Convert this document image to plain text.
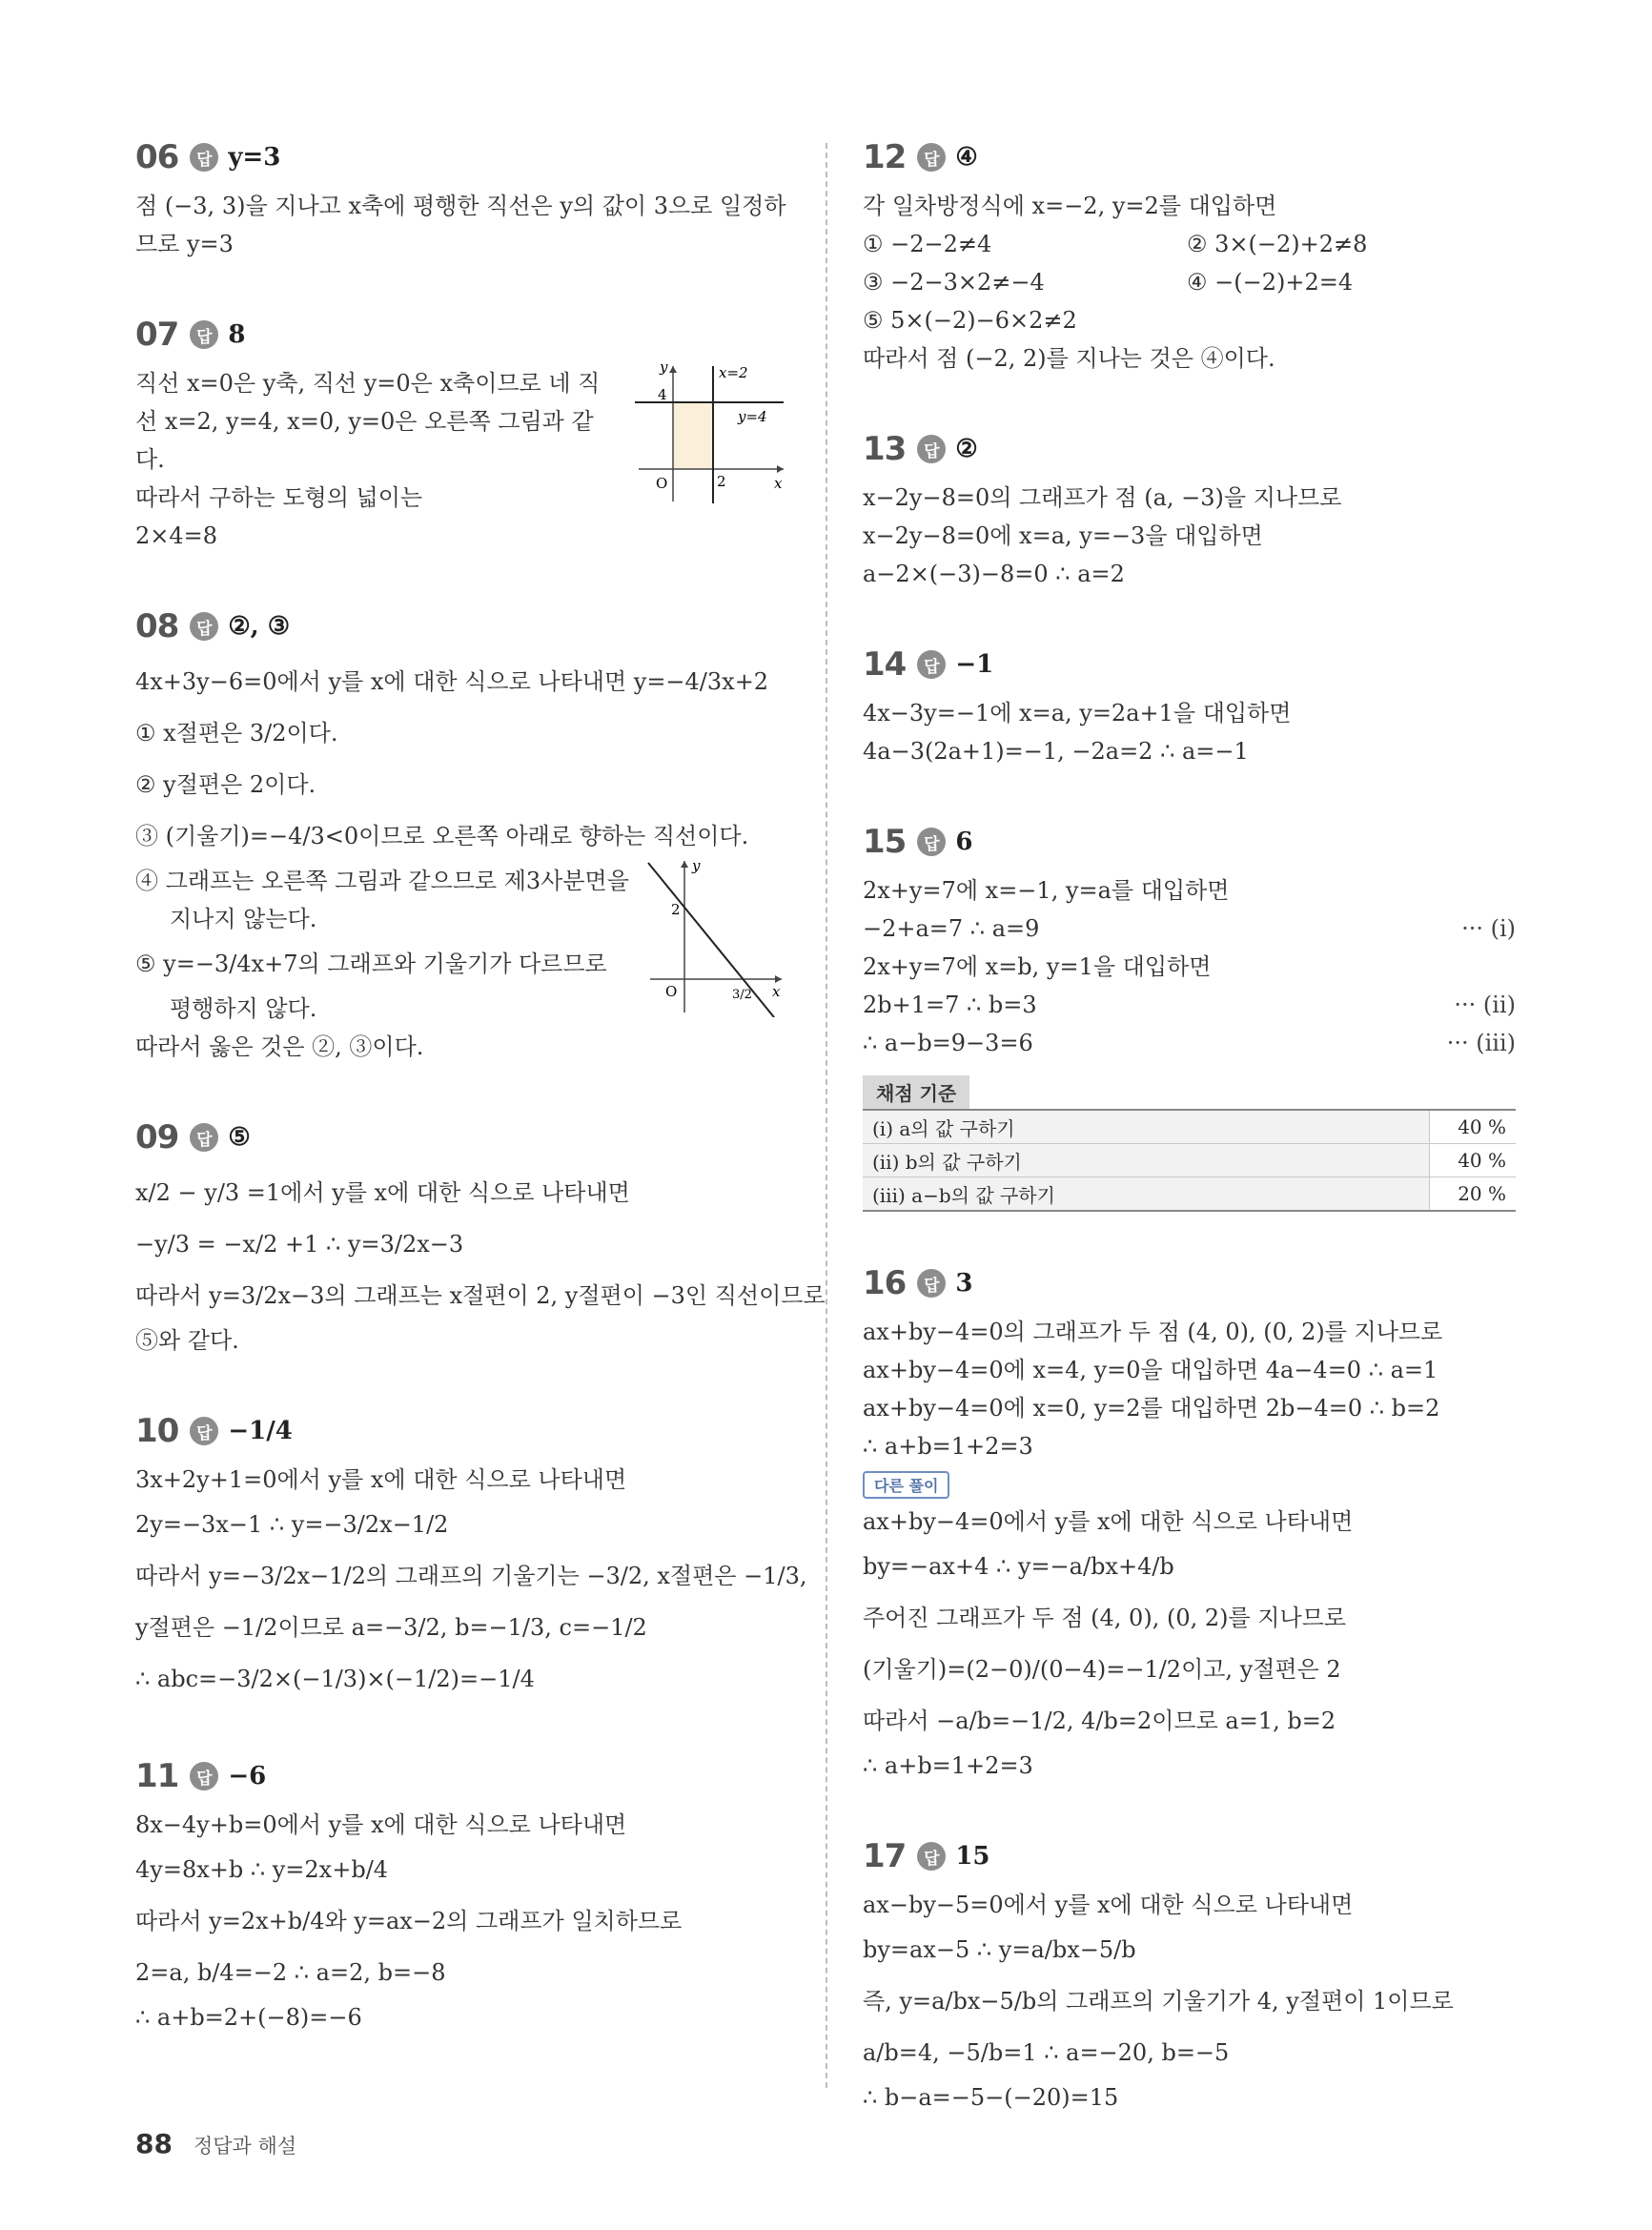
06	답 y=3
점 (−3, 3)을 지나고 x축에 평행한 직선은 y의 값이 3으로 일정하
므로 y=3
07	답 8
직선 x=0은 y축, 직선 y=0은 x축이므로 네 직
선 x=2, y=4, x=0, y=0은 오른쪽 그림과 같
다.
따라서 구하는 도형의 넓이는
2×4=8
y
x
O
4
2
x=2
y=4
08	답 ②, ③
4x+3y−6=0에서 y를 x에 대한 식으로 나타내면 y=−4/3x+2
① x절편은 3/2이다.
② y절편은 2이다.
③ (기울기)=−4/3<0이므로 오른쪽 아래로 향하는 직선이다.
④ 그래프는 오른쪽 그림과 같으므로 제3사분면을
지나지 않는다.
⑤ y=−3/4x+7의 그래프와 기울기가 다르므로
평행하지 않다.
따라서 옳은 것은 ②, ③이다.
y
x
O
2
3/2
09	답 ⑤
x/2 − y/3 =1에서 y를 x에 대한 식으로 나타내면
−y/3 = −x/2 +1 ∴ y=3/2x−3
따라서 y=3/2x−3의 그래프는 x절편이 2, y절편이 −3인 직선이므로
⑤와 같다.
10	답 −1/4
3x+2y+1=0에서 y를 x에 대한 식으로 나타내면
2y=−3x−1 ∴ y=−3/2x−1/2
따라서 y=−3/2x−1/2의 그래프의 기울기는 −3/2, x절편은 −1/3,
y절편은 −1/2이므로 a=−3/2, b=−1/3, c=−1/2
∴ abc=−3/2×(−1/3)×(−1/2)=−1/4
11	답 −6
8x−4y+b=0에서 y를 x에 대한 식으로 나타내면
4y=8x+b ∴ y=2x+b/4
따라서 y=2x+b/4와 y=ax−2의 그래프가 일치하므로
2=a, b/4=−2 ∴ a=2, b=−8
∴ a+b=2+(−8)=−6
12	답 ④
각 일차방정식에 x=−2, y=2를 대입하면
① −2−2≠4	② 3×(−2)+2≠8
③ −2−3×2≠−4	④ −(−2)+2=4
⑤ 5×(−2)−6×2≠2
따라서 점 (−2, 2)를 지나는 것은 ④이다.
13	답 ②
x−2y−8=0의 그래프가 점 (a, −3)을 지나므로
x−2y−8=0에 x=a, y=−3을 대입하면
a−2×(−3)−8=0 ∴ a=2
14	답 −1
4x−3y=−1에 x=a, y=2a+1을 대입하면
4a−3(2a+1)=−1, −2a=2 ∴ a=−1
15	답 6
2x+y=7에 x=−1, y=a를 대입하면
−2+a=7 ∴ a=9	··· (ⅰ)
2x+y=7에 x=b, y=1을 대입하면
2b+1=7 ∴ b=3	··· (ⅱ)
∴ a−b=9−3=6	··· (ⅲ)
채점 기준
(ⅰ) a의 값 구하기	40 %
(ⅱ) b의 값 구하기	40 %
(ⅲ) a−b의 값 구하기	20 %
16	답 3
ax+by−4=0의 그래프가 두 점 (4, 0), (0, 2)를 지나므로
ax+by−4=0에 x=4, y=0을 대입하면 4a−4=0 ∴ a=1
ax+by−4=0에 x=0, y=2를 대입하면 2b−4=0 ∴ b=2
∴ a+b=1+2=3
다른 풀이
ax+by−4=0에서 y를 x에 대한 식으로 나타내면
by=−ax+4 ∴ y=−a/bx+4/b
주어진 그래프가 두 점 (4, 0), (0, 2)를 지나므로
(기울기)=(2−0)/(0−4)=−1/2이고, y절편은 2
따라서 −a/b=−1/2, 4/b=2이므로 a=1, b=2
∴ a+b=1+2=3
17	답 15
ax−by−5=0에서 y를 x에 대한 식으로 나타내면
by=ax−5 ∴ y=a/bx−5/b
즉, y=a/bx−5/b의 그래프의 기울기가 4, y절편이 1이므로
a/b=4, −5/b=1 ∴ a=−20, b=−5
∴ b−a=−5−(−20)=15
88 정답과 해설
